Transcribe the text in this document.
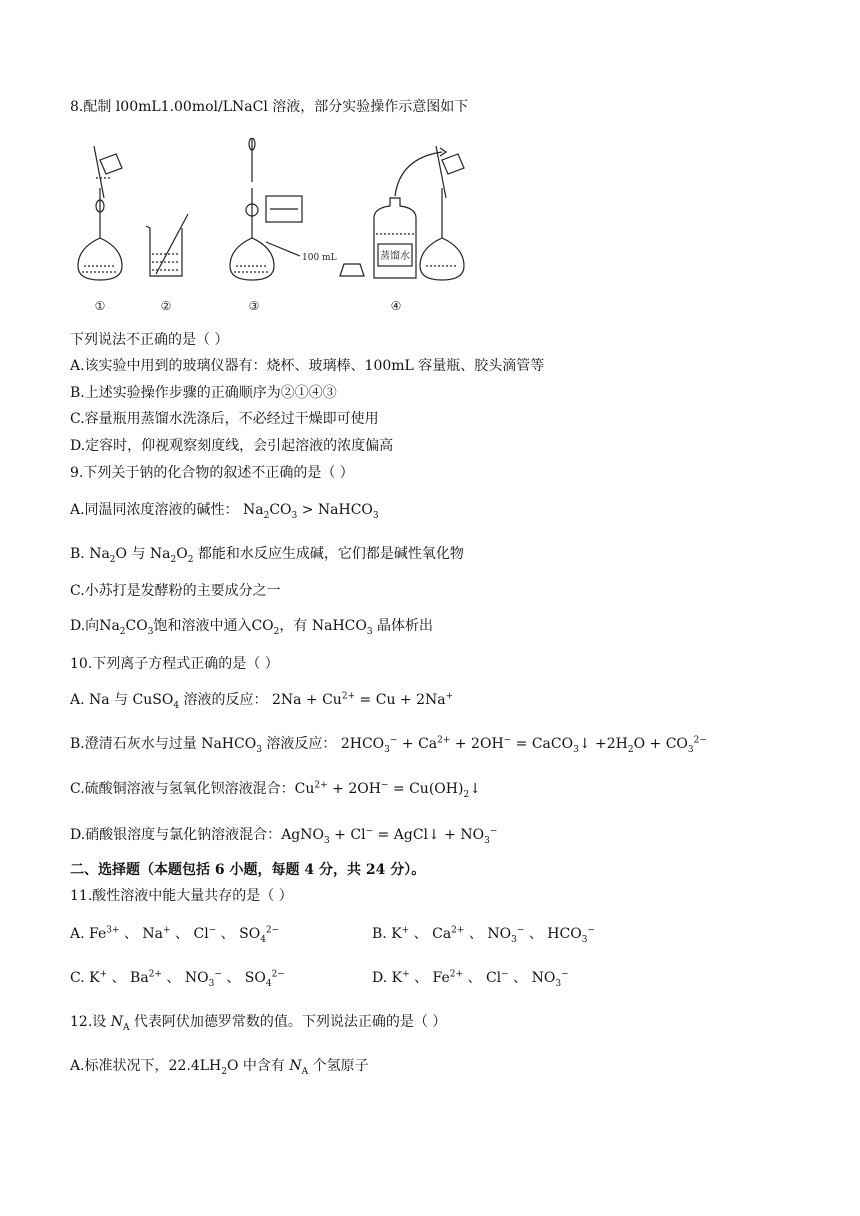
8.配制 l00mL1.00mol/LNaCl 溶液，部分实验操作示意图如下
①	②
100 mL
③
蒸馏水
④
下列说法不正确的是（ ）
A.该实验中用到的玻璃仪器有：烧杯、玻璃棒、100mL 容量瓶、胶头滴管等
B.上述实验操作步骤的正确顺序为②①④③
C.容量瓶用蒸馏水洗涤后，不必经过干燥即可使用
D.定容时，仰视观察刻度线，会引起溶液的浓度偏高
9.下列关于钠的化合物的叙述不正确的是（ ）
A.同温同浓度溶液的碱性： $Na_2CO_3$ > NaHCO$_3$
B. $Na_2O$ 与 $Na_2O_2$ 都能和水反应生成碱，它们都是碱性氧化物
C.小苏打是发酵粉的主要成分之一
D.向$Na_2CO_3$饱和溶液中通入$CO_2$，有 NaHCO$_3$ 晶体析出
10.下列离子方程式正确的是（ ）
A. Na 与 CuSO$_4$ 溶液的反应： $2Na + Cu^{2+} = Cu + 2Na^+$
B.澄清石灰水与过量 NaHCO$_3$ 溶液反应： $2HCO_3^- + Ca^{2+} + 2OH^-$ = CaCO$_3$↓ $+2H_2O + CO_3^{2-}$
C.硫酸铜溶液与氢氧化钡溶液混合：$Cu^{2+} + 2OH^-$ = $Cu(OH)_2↓$
D.硝酸银溶度与氯化钠溶液混合：AgNO$_3$ + Cl− = AgCl↓ + $NO_3^-$
二、选择题（本题包括 6 小题，每题 4 分，共 24 分）。
11.酸性溶液中能大量共存的是（ ）
A. $Fe^{3+}$ 、 Na+ 、 Cl− 、 $SO_4^{2-}$	B. K+ 、 $Ca^{2+}$ 、 $NO_3^-$ 、 $HCO_3^-$
C. K+ 、 $Ba^{2+}$ 、 $NO_3^-$ 、 $SO_4^{2-}$	D. K+ 、 $Fe^{2+}$ 、 Cl− 、 $NO_3^-$
12.设 $N_A$ 代表阿伏加德罗常数的值。下列说法正确的是（ ）
A.标准状况下，$22.4LH_2O$ 中含有 $N_A$ 个氢原子
